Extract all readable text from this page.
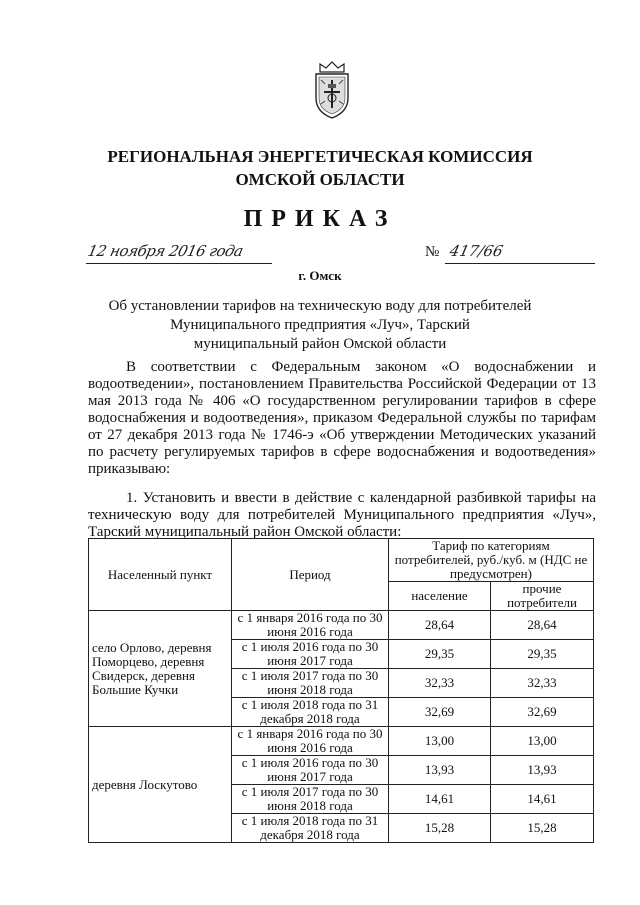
РЕГИОНАЛЬНАЯ ЭНЕРГЕТИЧЕСКАЯ КОМИССИЯ
ОМСКОЙ ОБЛАСТИ
ПРИКАЗ
12 ноября 2016 года	№ 417/66
г. Омск
Об установлении тарифов на техническую воду для потребителей
Муниципального предприятия «Луч», Тарский
муниципальный район Омской области
В соответствии с Федеральным законом «О водоснабжении и водоотведении», постановлением Правительства Российской Федерации от 13 мая 2013 года № 406 «О государственном регулировании тарифов в сфере водоснабжения и водоотведения», приказом Федеральной службы по тарифам от 27 декабря 2013 года № 1746-э «Об утверждении Методических указаний по расчету регулируемых тарифов в сфере водоснабжения и водоотведения» приказываю:
1. Установить и ввести в действие с календарной разбивкой тарифы на техническую воду для потребителей Муниципального предприятия «Луч», Тарский муниципальный район Омской области:
Населенный пункт	Период	Тариф по категориям потребителей, руб./куб. м (НДС не предусмотрен)	
		население	прочие потребители
село Орлово, деревня Поморцево, деревня Свидерск, деревня Большие Кучки	с 1 января 2016 года по 30 июня 2016 года	28,64	28,64
	с 1 июля 2016 года по 30 июня 2017 года	29,35	29,35
	с 1 июля 2017 года по 30 июня 2018 года	32,33	32,33
	с 1 июля 2018 года по 31 декабря 2018 года	32,69	32,69
деревня Лоскутово	с 1 января 2016 года по 30 июня 2016 года	13,00	13,00
	с 1 июля 2016 года по 30 июня 2017 года	13,93	13,93
	с 1 июля 2017 года по 30 июня 2018 года	14,61	14,61
	с 1 июля 2018 года по 31 декабря 2018 года	15,28	15,28
